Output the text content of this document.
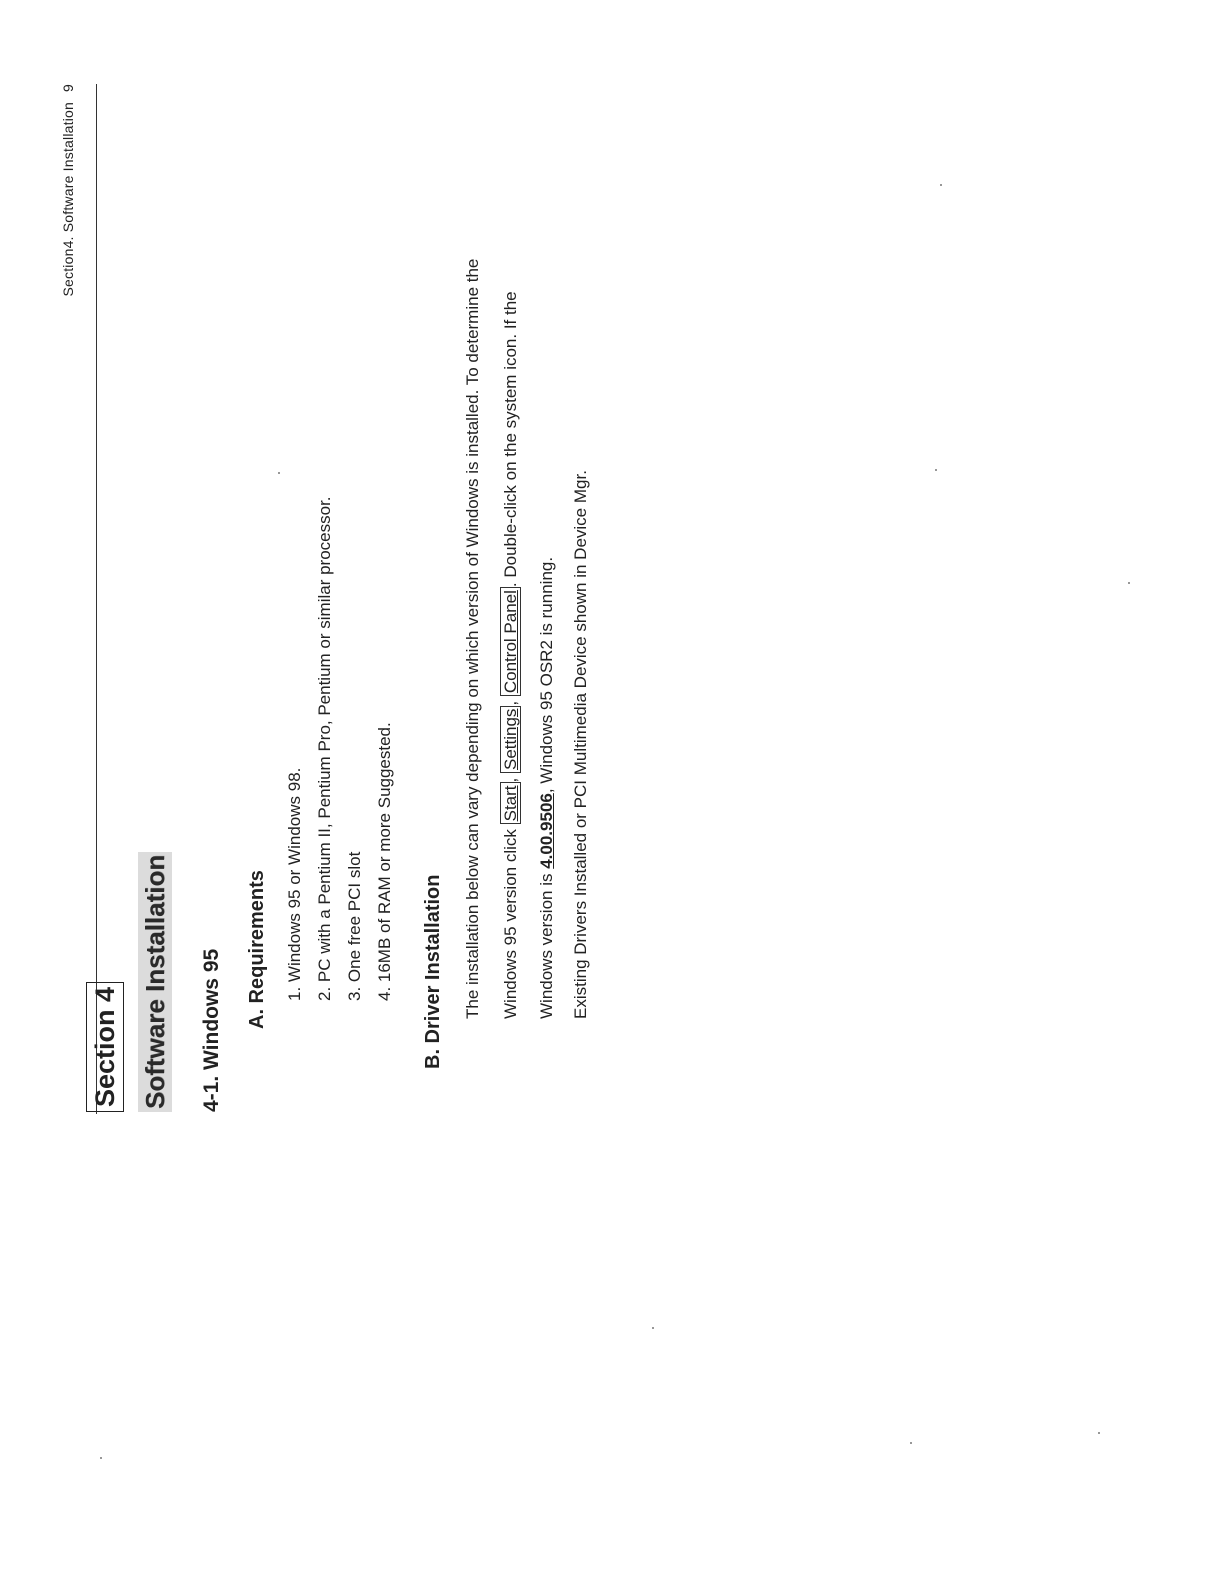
Section4. Software Installation9
Section 4 Software Installation 4-1. Windows 95 A. Requirements 1. Windows 95 or Windows 98. 2. PC with a Pentium II, Pentium Pro, Pentium or similar processor. 3. One free PCI slot 4. 16MB of RAM or more Suggested. B. Driver Installation The installation below can vary depending on which version of Windows is installed. To determine the Windows 95 version click Start, Settings, Control Panel. Double-click on the system icon. If the
Windows version is 4.00.9506, Windows 95 OSR2 is running. Existing Drivers Installed or PCI Multimedia Device shown in Device Mgr.
